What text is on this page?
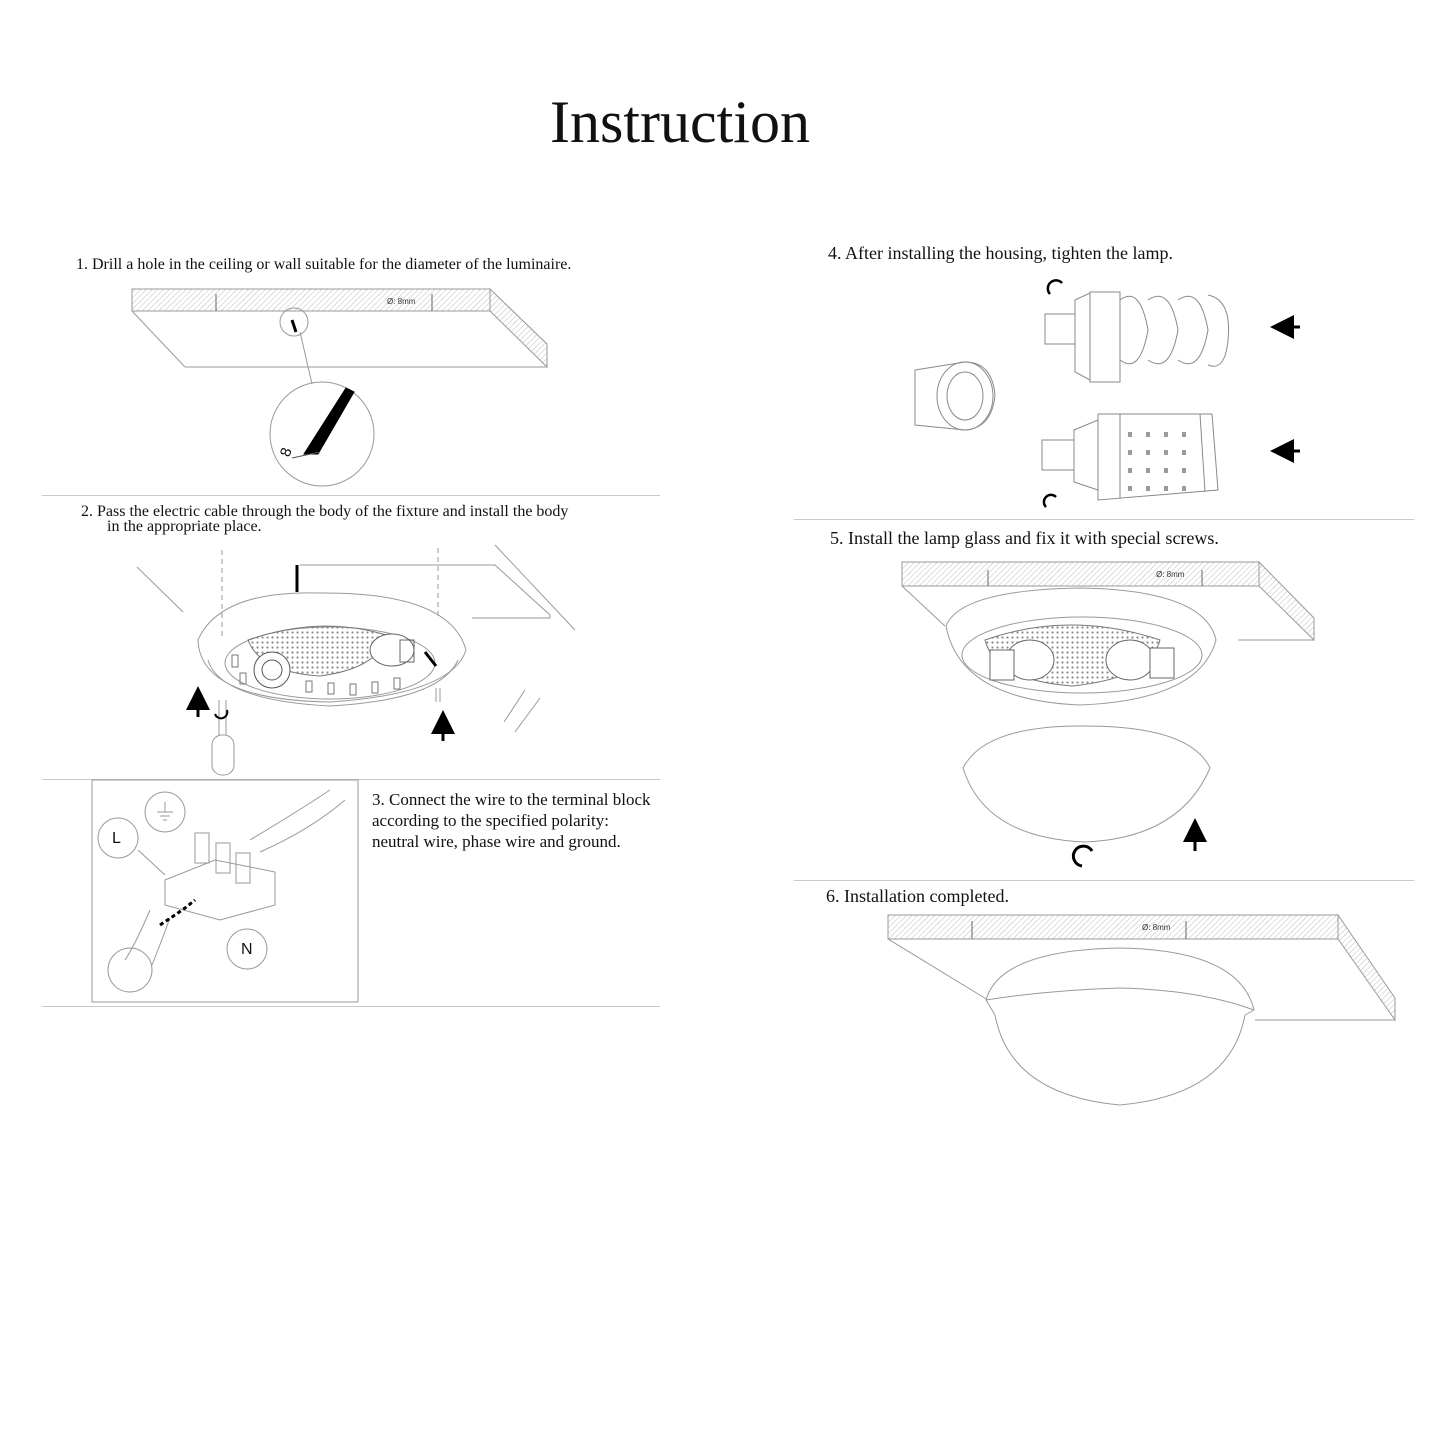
Instruction
1. Drill a hole in the ceiling or wall suitable for the diameter of the luminaire.
2. Pass the electric cable through the body of the fixture and install the body
in the appropriate place.
3. Connect the wire to the terminal block
according to the specified polarity:
neutral wire, phase wire and ground.
4. After installing the housing, tighten the lamp.
5. Install the lamp glass and fix it with special screws.
6. Installation completed.
Ø: 8mm
8
L
N
Ø: 8mm
Ø: 8mm
